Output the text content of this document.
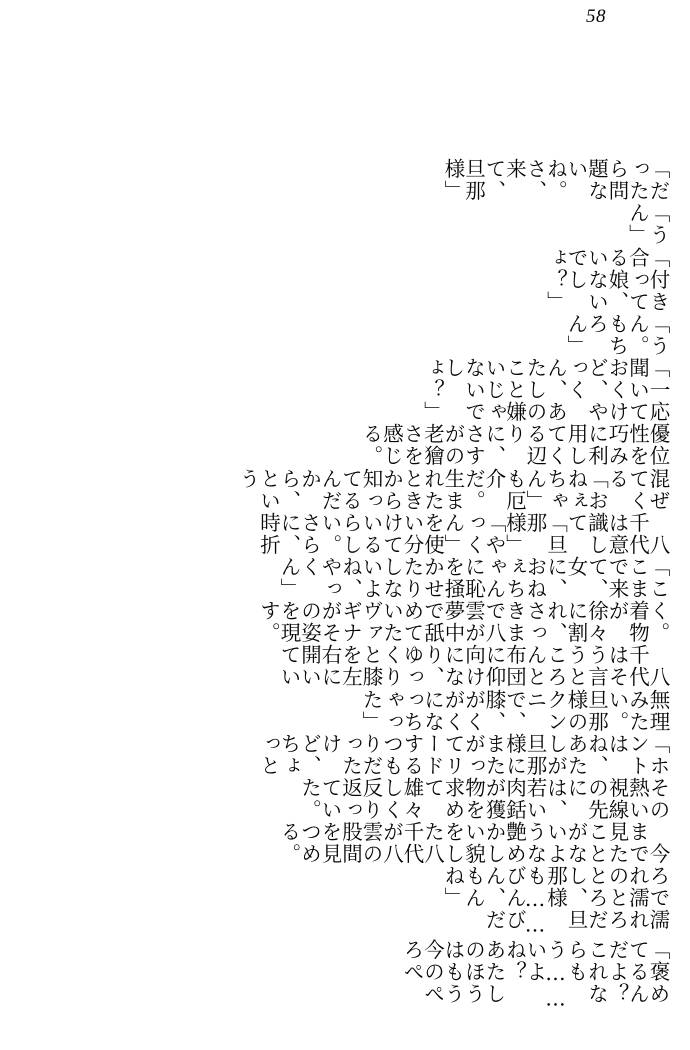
58
「褒めてるんだよ？　これならもう……いよね？　あたしのほうはもう今のぺろぺ
ろで濡れ濡れのとろとろだし、旦那様も……びんびん、だもんね」
　今まで見たことがないような艶めかしい貌をした八千代が八雲の股間を見つめる。
その熱い視線の先には、若い肉銛が獲物を求めて雄々しく反り返っていた。
「ホントはね、あたしが旦那様にまたがってリードするつもりだったけど、ちょっと
無理みたい。旦那様のクンニで、膝、がくがくになっちゃった」
　八千代はそう言うところんと布団に仰向けになり、ゆっくりと膝を左右に開いてい
く。着物が徐々に割れ、さっきまで八雲が夢中で舐めていたヴァギナがその姿を現す。
「ここまで来て、女に、おねぇちゃんに恥を掻かせたりしないよね、やっくん」
　八千代は意識して「旦那様」「やっくん」を使い分けているらしい。さらに、時折
混ぜてくる「おねぇちゃん」も厄介だ。生まれたときから知ってるんだから、という
優位性を巧みに利用してくる辺りに、さすがの老獪さを感じる。
「一応聞いておくけど、やっくん、あたしのこと嫌いじゃないでしょ？」
「うん。もちろん」
「付き合ってる娘、いないでしょ？」
「うん」
「だったら問題ないね。さ、来て、旦那様」
